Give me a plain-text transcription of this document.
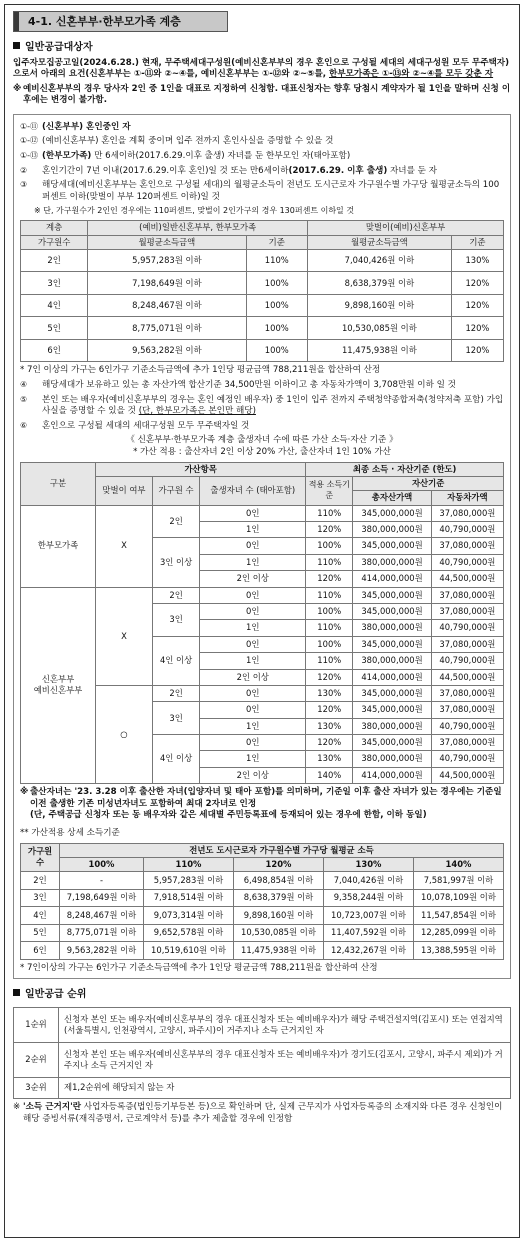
4-1. 신혼부부·한부모가족 계층
일반공급대상자
입주자모집공고일(2024.6.28.) 현재, 무주택세대구성원(예비신혼부부의 경우 혼인으로 구성될 세대의 세대구성원 모두 무주택자)으로서 아래의 요건(신혼부부는 ①-⑪와 ②~④를, 예비신혼부부는 ①-⑫와 ②~⑤를, 한부모가족은 ①-⑬와 ②~④를 모두 갖춘 자
※ 예비신혼부부의 경우 당사자 2인 중 1인을 대표로 지정하여 신청함. 대표신청자는 향후 당첨시 계약자가 될 1인을 말하며 신청 이후에는 변경이 불가함.
①-⑪ (신혼부부) 혼인중인 자
①-⑫ (예비신혼부부) 혼인을 계획 중이며 입주 전까지 혼인사실을 증명할 수 있을 것
①-⑬ (한부모가족) 만 6세이하(2017.6.29.이후 출생) 자녀를 둔 한부모인 자(태아포함)
②	혼인기간이 7년 이내(2017.6.29.이후 혼인)일 것 또는 만6세이하(2017.6.29. 이후 출생) 자녀를 둔 자
③	해당세대(예비신혼부부는 혼인으로 구성될 세대)의 월평균소득이 전년도 도시근로자 가구원수별 가구당 월평균소득의 100퍼센트 이하(맞벌이 부부 120퍼센트 이하)일 것
※ 단, 가구원수가 2인인 경우에는 110퍼센트, 맞벌이 2인가구의 경우 130퍼센트 이하일 것
계층	(예비)일반신혼부부, 한부모가족		맞벌이(예비)신혼부부	
가구원수	월평균소득금액	기준	월평균소득금액	기준
2인	5,957,283원 이하	110%	7,040,426원 이하	130%
3인	7,198,649원 이하	100%	8,638,379원 이하	120%
4인	8,248,467원 이하	100%	9,898,160원 이하	120%
5인	8,775,071원 이하	100%	10,530,085원 이하	120%
6인	9,563,282원 이하	100%	11,475,938원 이하	120%
* 7인 이상의 가구는 6인가구 기준소득금액에 추가 1인당 평균금액 788,211원을 합산하여 산정
④	해당세대가 보유하고 있는 총 자산가액 합산기준 34,500만원 이하이고 총 자동차가액이 3,708만원 이하 일 것
⑤	본인 또는 배우자(예비신혼부부의 경우는 혼인 예정인 배우자) 중 1인이 입주 전까지 주택청약종합저축(청약저축 포함) 가입사실을 증명할 수 있을 것 (단, 한부모가족은 본인만 해당)
⑥	혼인으로 구성될 세대의 세대구성원 모두 무주택자일 것
《 신혼부부·한부모가족 계층 출생자녀 수에 따른 가산 소득·자산 기준 》
* 가산 적용 : 출산자녀 2인 이상 20% 가산, 출산자녀 1인 10% 가산
구분	가산항목			최종 소득 · 자산기준 (한도)		
	맞벌이 여부	가구원 수	출생자녀 수 (태아포함)	적용 소득기준	자산기준	
					총자산가액	자동차가액
한부모가족	X	2인	0인	110%	345,000,000원	37,080,000원
			1인	120%	380,000,000원	40,790,000원
		3인 이상	0인	100%	345,000,000원	37,080,000원
			1인	110%	380,000,000원	40,790,000원
			2인 이상	120%	414,000,000원	44,500,000원
신혼부부
예비신혼부부	X	2인	0인	110%	345,000,000원	37,080,000원
		3인	0인	100%	345,000,000원	37,080,000원
			1인	110%	380,000,000원	40,790,000원
		4인 이상	0인	100%	345,000,000원	37,080,000원
			1인	110%	380,000,000원	40,790,000원
			2인 이상	120%	414,000,000원	44,500,000원
	○	2인	0인	130%	345,000,000원	37,080,000원
		3인	0인	120%	345,000,000원	37,080,000원
			1인	130%	380,000,000원	40,790,000원
		4인 이상	0인	120%	345,000,000원	37,080,000원
			1인	130%	380,000,000원	40,790,000원
			2인 이상	140%	414,000,000원	44,500,000원
※ 출산자녀는 '23. 3.28 이후 출산한 자녀(입양자녀 및 태아 포함)를 의미하며, 기준일 이후 출산 자녀가 있는 경우에는 기준일 이전 출생한 기존 미성년자녀도 포함하여 최대 2자녀로 인정
(단, 주택공급 신청자 또는 동 배우자와 같은 세대별 주민등록표에 등재되어 있는 경우에 한함, 이하 동일)
** 가산적용 상세 소득기준
가구원 수	전년도 도시근로자 가구원수별 가구당 월평균 소득				
	100%	110%	120%	130%	140%
2인	-	5,957,283원 이하	6,498,854원 이하	7,040,426원 이하	7,581,997원 이하
3인	7,198,649원 이하	7,918,514원 이하	8,638,379원 이하	9,358,244원 이하	10,078,109원 이하
4인	8,248,467원 이하	9,073,314원 이하	9,898,160원 이하	10,723,007원 이하	11,547,854원 이하
5인	8,775,071원 이하	9,652,578원 이하	10,530,085원 이하	11,407,592원 이하	12,285,099원 이하
6인	9,563,282원 이하	10,519,610원 이하	11,475,938원 이하	12,432,267원 이하	13,388,595원 이하
* 7인이상의 가구는 6인가구 기준소득금액에 추가 1인당 평균금액 788,211원을 합산하여 산정
일반공급 순위
1순위	신청자 본인 또는 배우자(예비신혼부부의 경우 대표신청자 또는 예비배우자)가 해당 주택건설지역(김포시) 또는 연접지역(서울특별시, 인천광역시, 고양시, 파주시)이 거주지나 소득 근거지인 자
2순위	신청자 본인 또는 배우자(예비신혼부부의 경우 대표신청자 또는 예비배우자)가 경기도(김포시, 고양시, 파주시 제외)가 거주지나 소득 근거지인 자
3순위	제1,2순위에 해당되지 않는 자
※ '소득 근거지'란 사업자등록증(법인등기부등본 등)으로 확인하며 단, 실제 근무지가 사업자등록증의 소재지와 다른 경우 신청인이 해당 증빙서류(재직증명서, 근로계약서 등)를 추가 제출할 경우에 인정함
